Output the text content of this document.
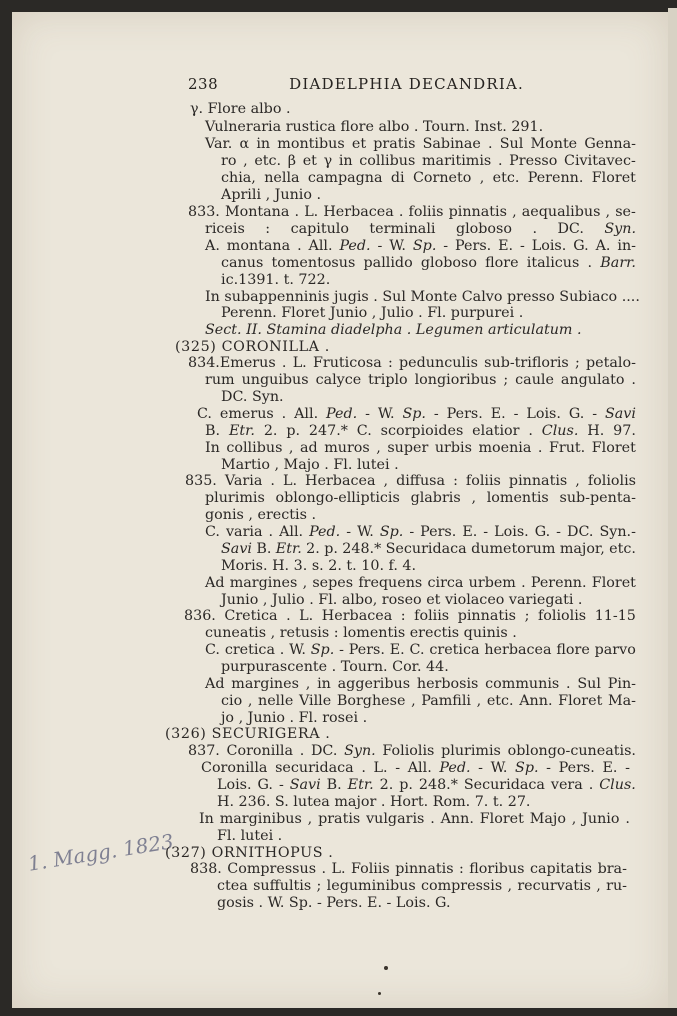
238	DIADELPHIA DECANDRIA.
1. Magg. 1823
γ. Flore albo .
Vulneraria rustica flore albo . Tourn. Inst. 291.
Var. α in montibus et pratis Sabinae . Sul Monte Genna-
ro , etc. β et γ in collibus maritimis . Presso Civitavec-
chia, nella campagna di Corneto , etc. Perenn. Floret
Aprili , Junio .
833. Montana . L. Herbacea . foliis pinnatis , aequalibus , se-
riceis : capitulo terminali globoso . DC. Syn.
A. montana . All. Ped. - W. Sp. - Pers. E. - Lois. G. A. in-
canus tomentosus pallido globoso flore italicus . Barr.
ic.1391. t. 722.
In subappenninis jugis . Sul Monte Calvo presso Subiaco ....
Perenn. Floret Junio , Julio . Fl. purpurei .
Sect. II. Stamina diadelpha . Legumen articulatum .
(325) CORONILLA .
834.Emerus . L. Fruticosa : pedunculis sub-trifloris ; petalo-
rum unguibus calyce triplo longioribus ; caule angulato .
DC. Syn.
C. emerus . All. Ped. - W. Sp. - Pers. E. - Lois. G. - Savi
B. Etr. 2. p. 247.* C. scorpioides elatior . Clus. H. 97.
In collibus , ad muros , super urbis moenia . Frut. Floret
Martio , Majo . Fl. lutei .
835. Varia . L. Herbacea , diffusa : foliis pinnatis , foliolis
plurimis oblongo-ellipticis glabris , lomentis sub-penta-
gonis , erectis .
C. varia . All. Ped. - W. Sp. - Pers. E. - Lois. G. - DC. Syn.-
Savi B. Etr. 2. p. 248.* Securidaca dumetorum major, etc.
Moris. H. 3. s. 2. t. 10. f. 4.
Ad margines , sepes frequens circa urbem . Perenn. Floret
Junio , Julio . Fl. albo, roseo et violaceo variegati .
836. Cretica . L. Herbacea : foliis pinnatis ; foliolis 11-15
cuneatis , retusis : lomentis erectis quinis .
C. cretica . W. Sp. - Pers. E. C. cretica herbacea flore parvo
purpurascente . Tourn. Cor. 44.
Ad margines , in aggeribus herbosis communis . Sul Pin-
cio , nelle Ville Borghese , Pamfili , etc. Ann. Floret Ma-
jo , Junio . Fl. rosei .
(326) SECURIGERA .
837. Coronilla . DC. Syn. Foliolis plurimis oblongo-cuneatis.
Coronilla securidaca . L. - All. Ped. - W. Sp. - Pers. E. -
Lois. G. - Savi B. Etr. 2. p. 248.* Securidaca vera . Clus.
H. 236. S. lutea major . Hort. Rom. 7. t. 27.
In marginibus , pratis vulgaris . Ann. Floret Majo , Junio .
Fl. lutei .
(327) ORNITHOPUS .
838. Compressus . L. Foliis pinnatis : floribus capitatis bra-
ctea suffultis ; leguminibus compressis , recurvatis , ru-
gosis . W. Sp. - Pers. E. - Lois. G.
